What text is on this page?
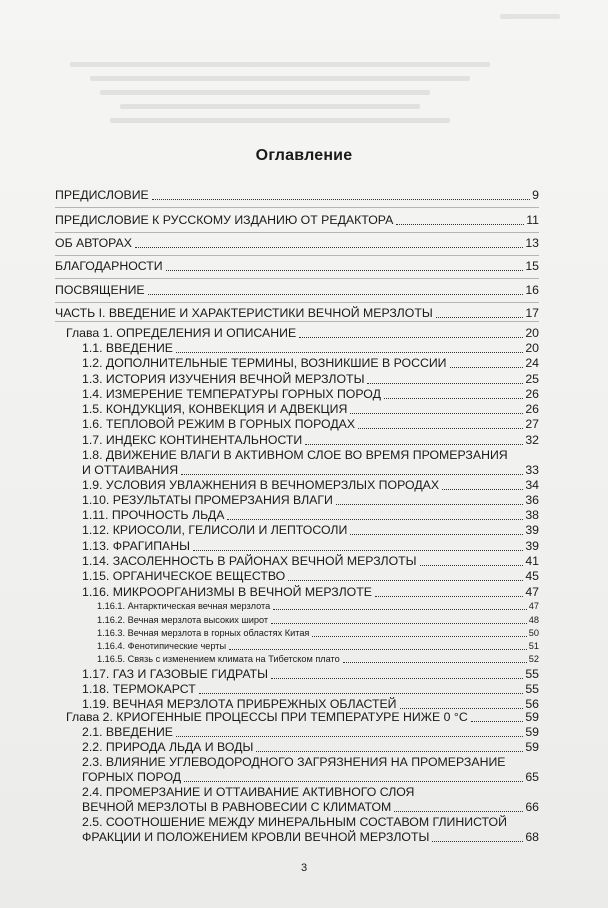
Оглавление
ПРЕДИСЛОВИЕ	9
ПРЕДИСЛОВИЕ К РУССКОМУ ИЗДАНИЮ ОТ РЕДАКТОРА	11
ОБ АВТОРАХ	13
БЛАГОДАРНОСТИ	15
ПОСВЯЩЕНИЕ	16
ЧАСТЬ I. ВВЕДЕНИЕ И ХАРАКТЕРИСТИКИ ВЕЧНОЙ МЕРЗЛОТЫ	17
Глава 1. ОПРЕДЕЛЕНИЯ И ОПИСАНИЕ	20
1.1. ВВЕДЕНИЕ	20
1.2. ДОПОЛНИТЕЛЬНЫЕ ТЕРМИНЫ, ВОЗНИКШИЕ В РОССИИ	24
1.3. ИСТОРИЯ ИЗУЧЕНИЯ ВЕЧНОЙ МЕРЗЛОТЫ	25
1.4. ИЗМЕРЕНИЕ ТЕМПЕРАТУРЫ ГОРНЫХ ПОРОД	26
1.5. КОНДУКЦИЯ, КОНВЕКЦИЯ И АДВЕКЦИЯ	26
1.6. ТЕПЛОВОЙ РЕЖИМ В ГОРНЫХ ПОРОДАХ	27
1.7. ИНДЕКС КОНТИНЕНТАЛЬНОСТИ	32
1.8. ДВИЖЕНИЕ ВЛАГИ В АКТИВНОМ СЛОЕ ВО ВРЕМЯ ПРОМЕРЗАНИЯ
И ОТТАИВАНИЯ	33
1.9. УСЛОВИЯ УВЛАЖНЕНИЯ В ВЕЧНОМЕРЗЛЫХ ПОРОДАХ	34
1.10. РЕЗУЛЬТАТЫ ПРОМЕРЗАНИЯ ВЛАГИ	36
1.11. ПРОЧНОСТЬ ЛЬДА	38
1.12. КРИОСОЛИ, ГЕЛИСОЛИ И ЛЕПТОСОЛИ	39
1.13. ФРАГИПАНЫ	39
1.14. ЗАСОЛЕННОСТЬ В РАЙОНАХ ВЕЧНОЙ МЕРЗЛОТЫ	41
1.15. ОРГАНИЧЕСКОЕ ВЕЩЕСТВО	45
1.16. МИКРООРГАНИЗМЫ В ВЕЧНОЙ МЕРЗЛОТЕ	47
1.16.1. Антарктическая вечная мерзлота	47
1.16.2. Вечная мерзлота высоких широт	48
1.16.3. Вечная мерзлота в горных областях Китая	50
1.16.4. Фенотипические черты	51
1.16.5. Связь с изменением климата на Тибетском плато	52
1.17. ГАЗ И ГАЗОВЫЕ ГИДРАТЫ	55
1.18. ТЕРМОКАРСТ	55
1.19. ВЕЧНАЯ МЕРЗЛОТА ПРИБРЕЖНЫХ ОБЛАСТЕЙ	56
Глава 2. КРИОГЕННЫЕ ПРОЦЕССЫ ПРИ ТЕМПЕРАТУРЕ НИЖЕ 0 °С	59
2.1. ВВЕДЕНИЕ	59
2.2. ПРИРОДА ЛЬДА И ВОДЫ	59
2.3. ВЛИЯНИЕ УГЛЕВОДОРОДНОГО ЗАГРЯЗНЕНИЯ НА ПРОМЕРЗАНИЕ
ГОРНЫХ ПОРОД	65
2.4. ПРОМЕРЗАНИЕ И ОТТАИВАНИЕ АКТИВНОГО СЛОЯ
ВЕЧНОЙ МЕРЗЛОТЫ В РАВНОВЕСИИ С КЛИМАТОМ	66
2.5. СООТНОШЕНИЕ МЕЖДУ МИНЕРАЛЬНЫМ СОСТАВОМ ГЛИНИСТОЙ
ФРАКЦИИ И ПОЛОЖЕНИЕМ КРОВЛИ ВЕЧНОЙ МЕРЗЛОТЫ	68
3
